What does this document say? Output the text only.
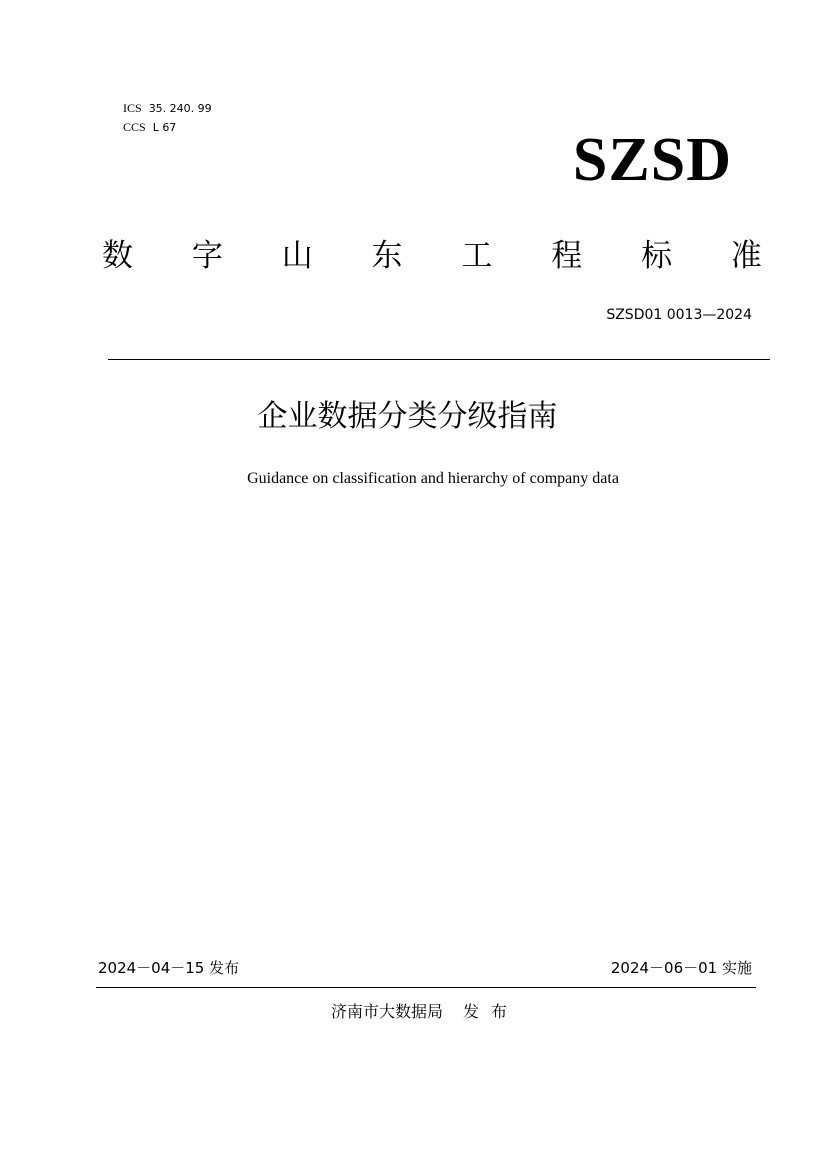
ICS 35. 240. 99
CCS L 67	SZSD
数 字 山 东 工 程 标 准
SZSD01 0013—2024
企业数据分类分级指南
Guidance on classification and hierarchy of company data
2024－04－15 发布	2024－06－01 实施
济南市大数据局 发 布
